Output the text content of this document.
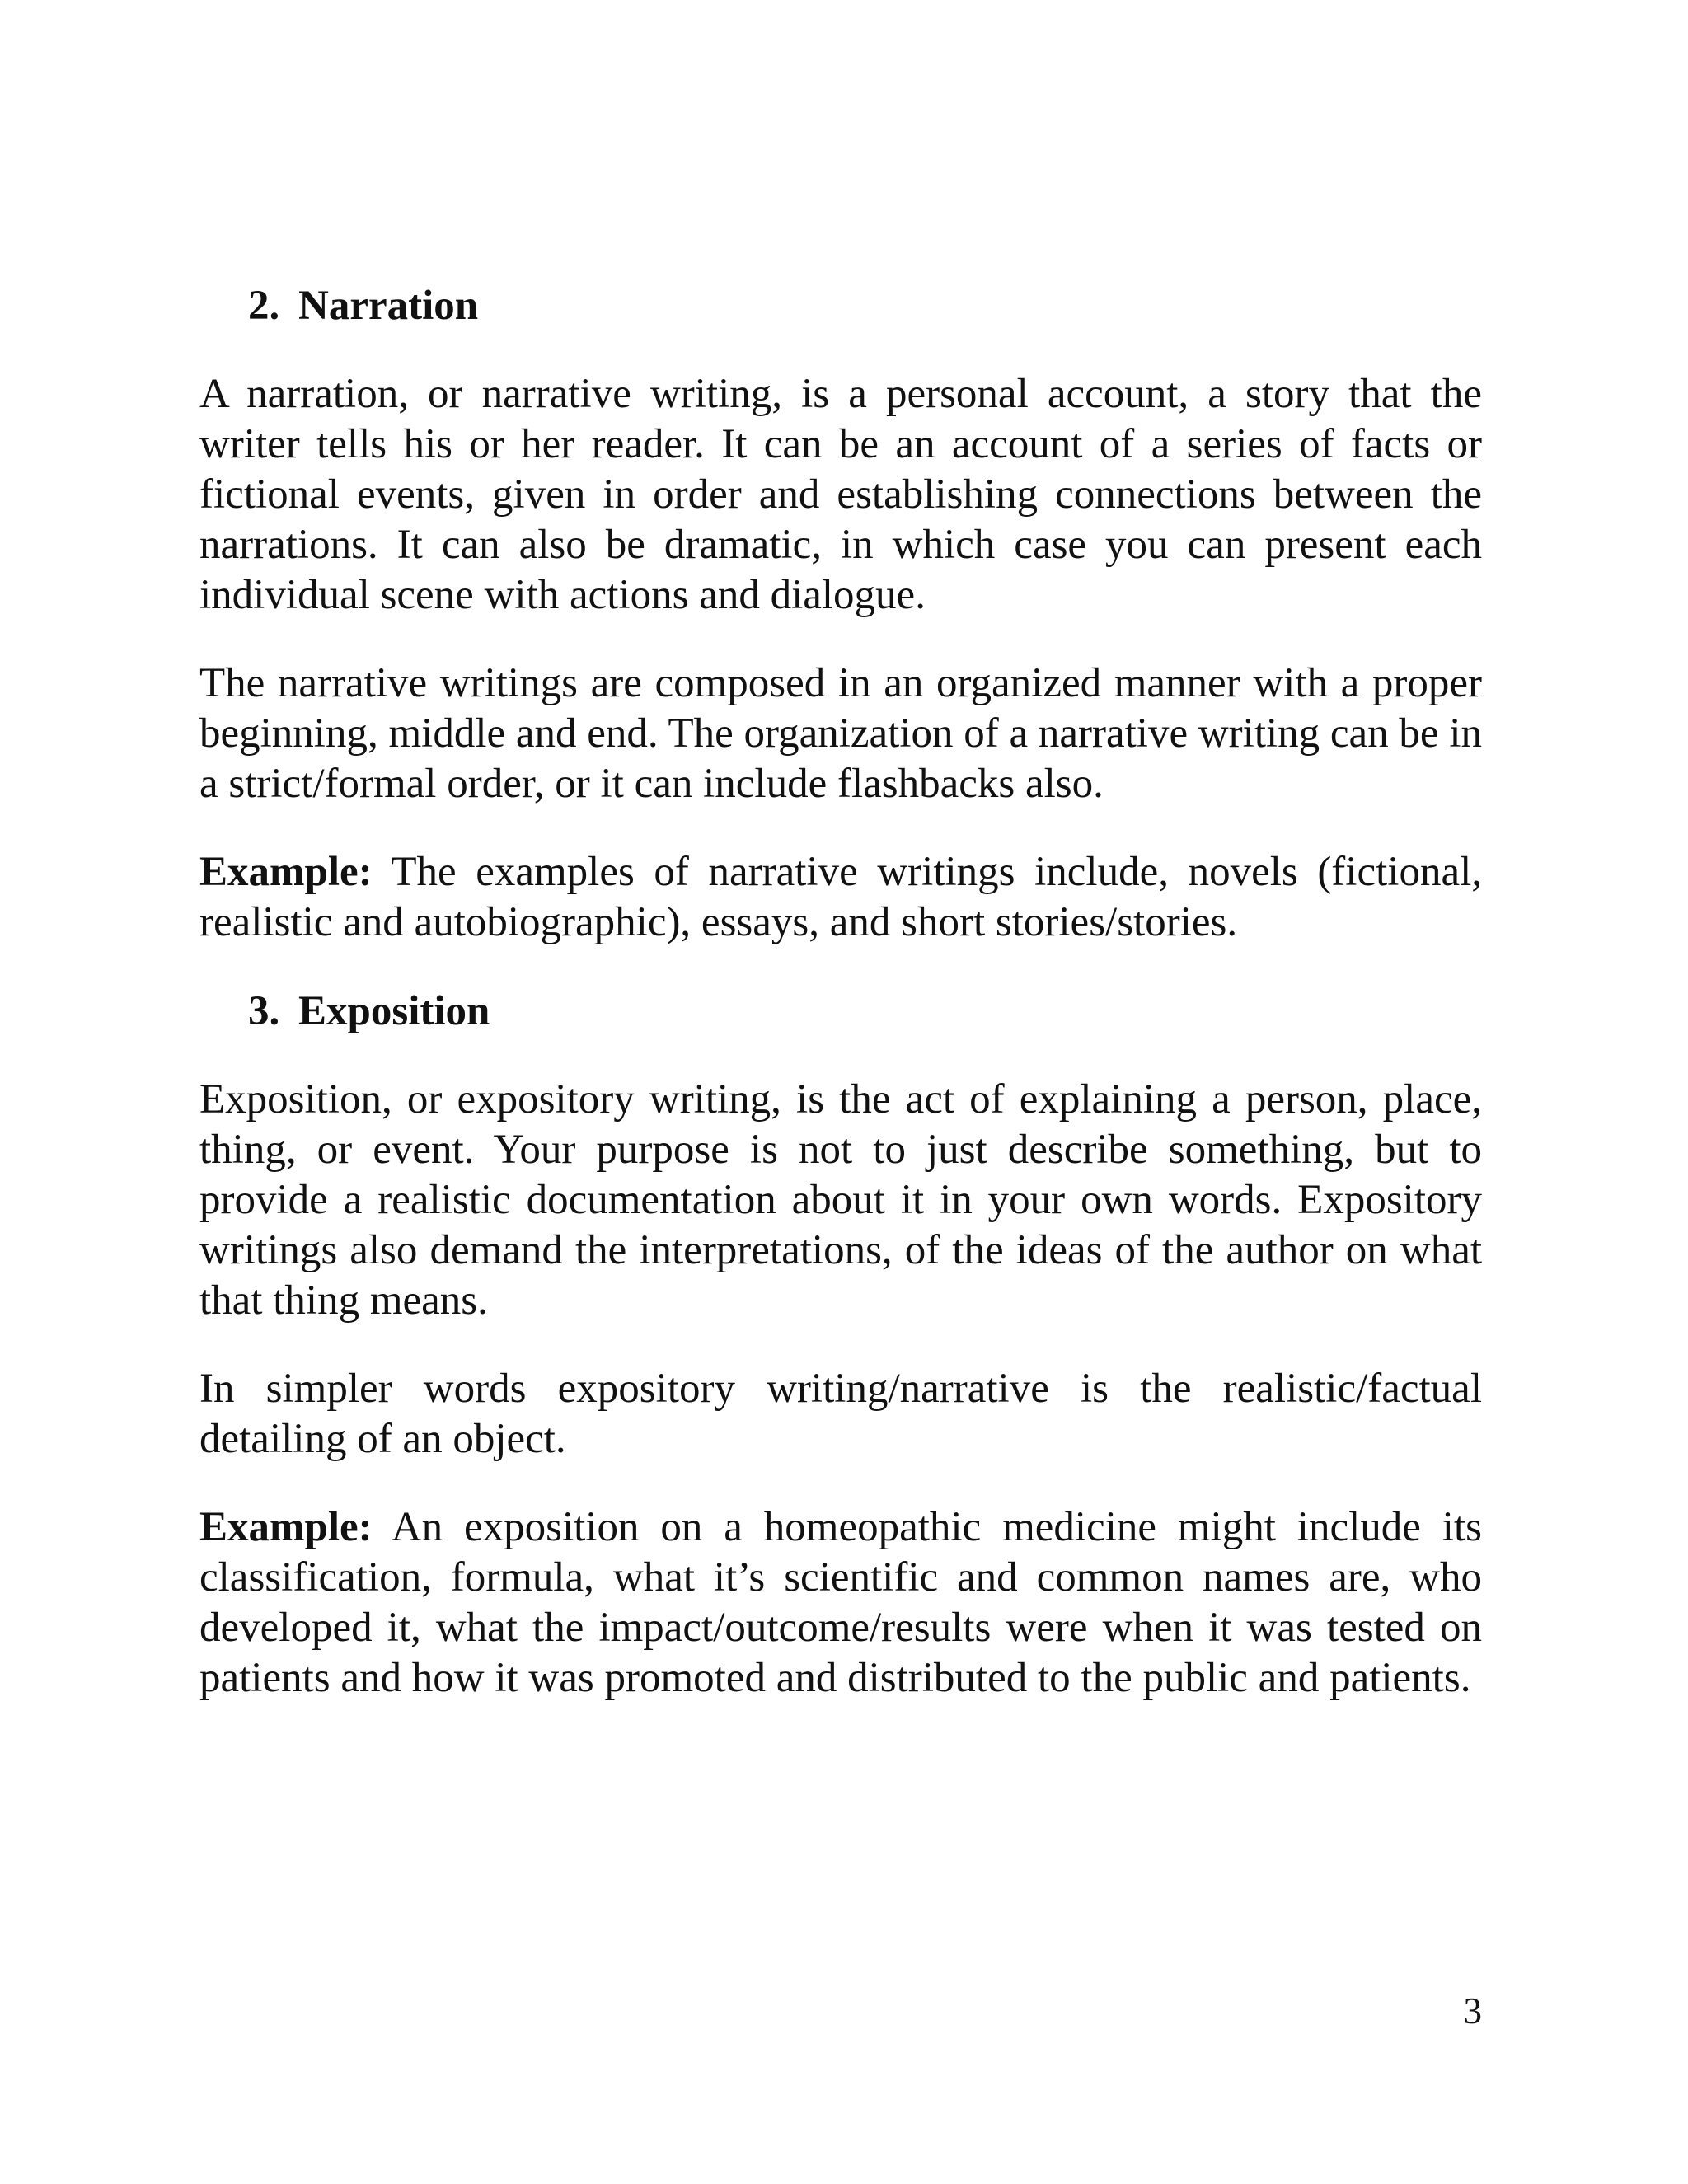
2. Narration

A narration, or narrative writing, is a personal account, a story that the writer tells his or her reader. It can be an account of a series of facts or fictional events, given in order and establishing connections between the narrations. It can also be dramatic, in which case you can present each individual scene with actions and dialogue.

The narrative writings are composed in an organized manner with a proper beginning, middle and end. The organization of a narrative writing can be in a strict/formal order, or it can include flashbacks also.

Example: The examples of narrative writings include, novels (fictional, realistic and autobiographic), essays, and short stories/stories.

3. Exposition

Exposition, or expository writing, is the act of explaining a person, place, thing, or event. Your purpose is not to just describe something, but to provide a realistic documentation about it in your own words. Expository writings also demand the interpretations, of the ideas of the author on what that thing means.

In simpler words expository writing/narrative is the realistic/factual detailing of an object.

Example: An exposition on a homeopathic medicine might include its classification, formula, what it’s scientific and common names are, who developed it, what the impact/outcome/results were when it was tested on patients and how it was promoted and distributed to the public and patients.

3
